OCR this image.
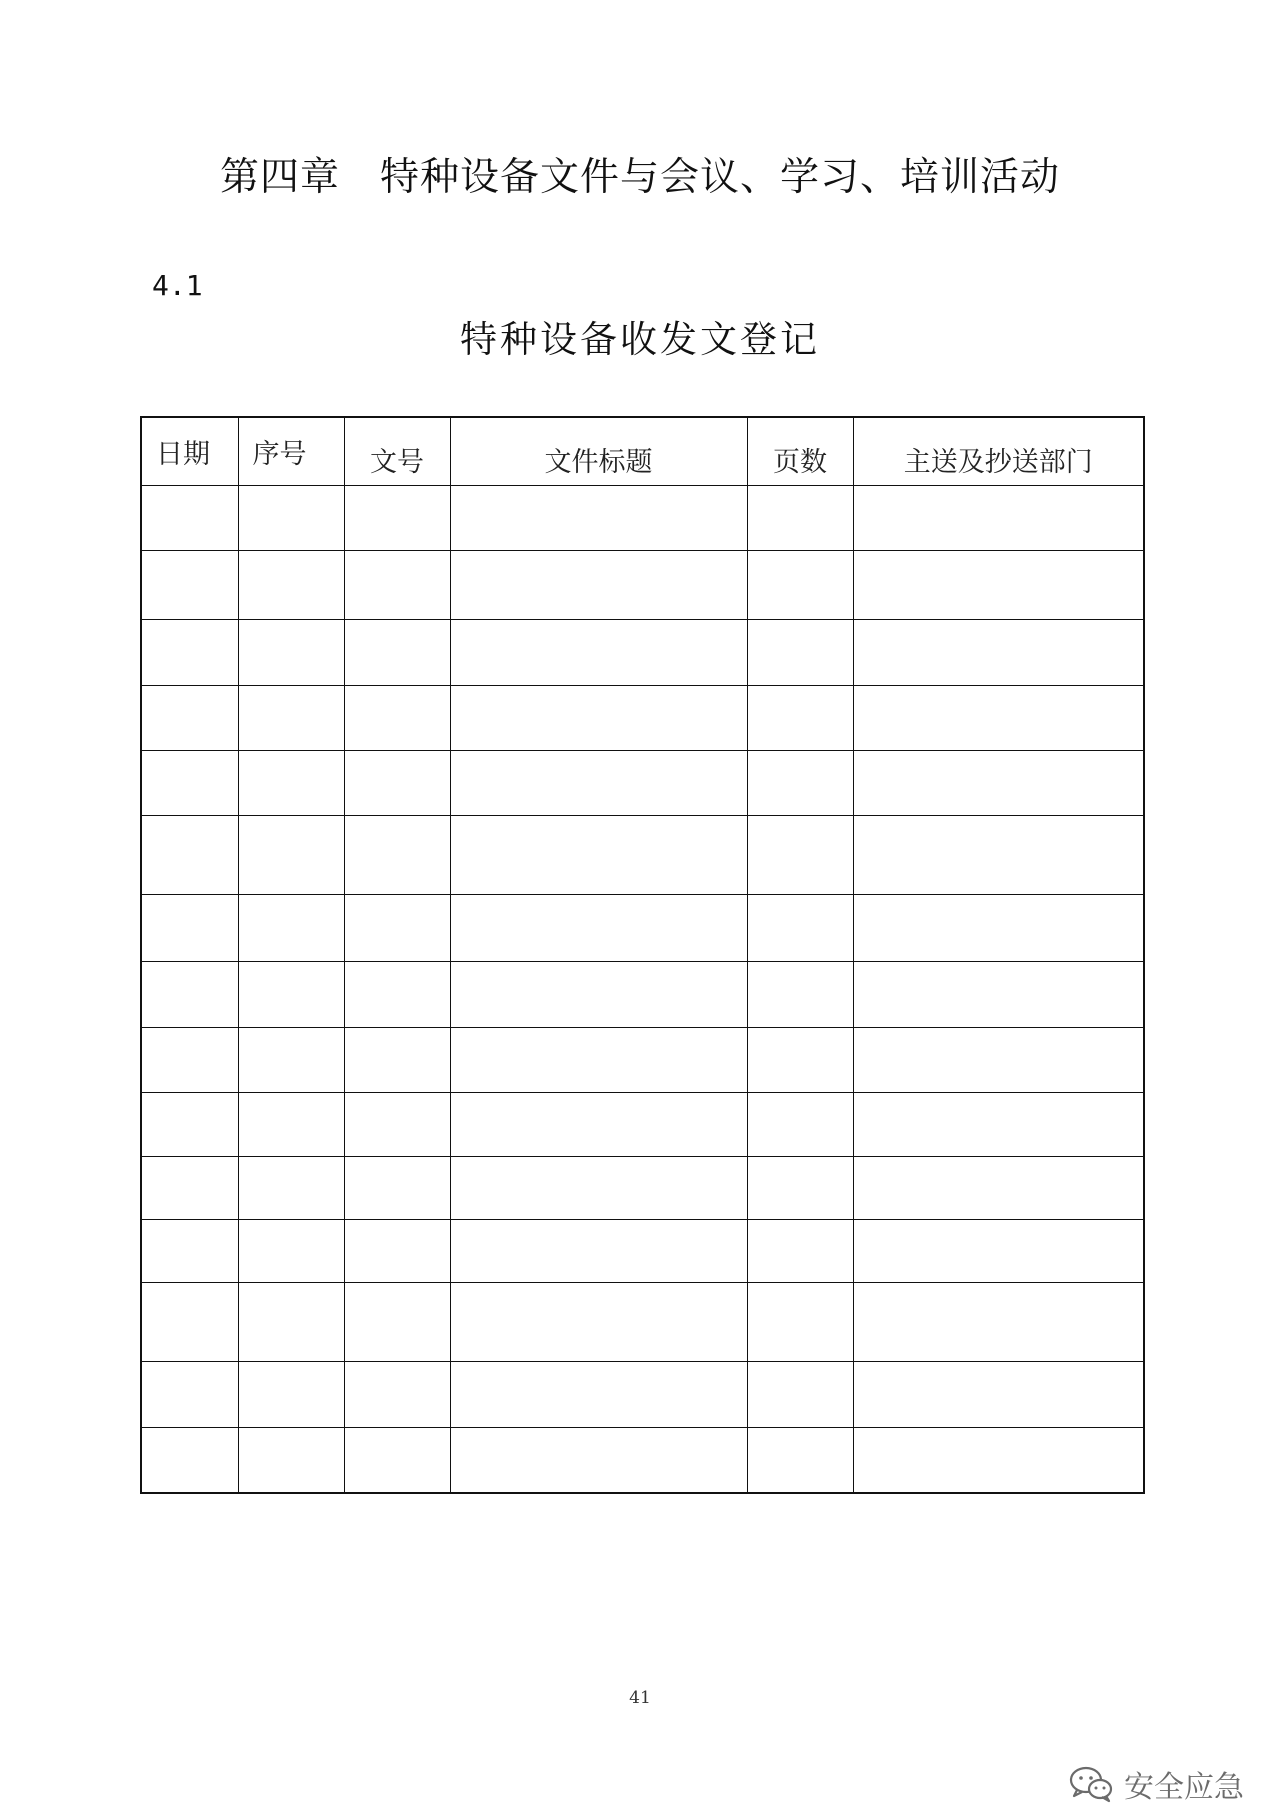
第四章　特种设备文件与会议、学习、培训活动
4.1
特种设备收发文登记
日期	序号	文号	文件标题	页数	主送及抄送部门

41
安全应急
